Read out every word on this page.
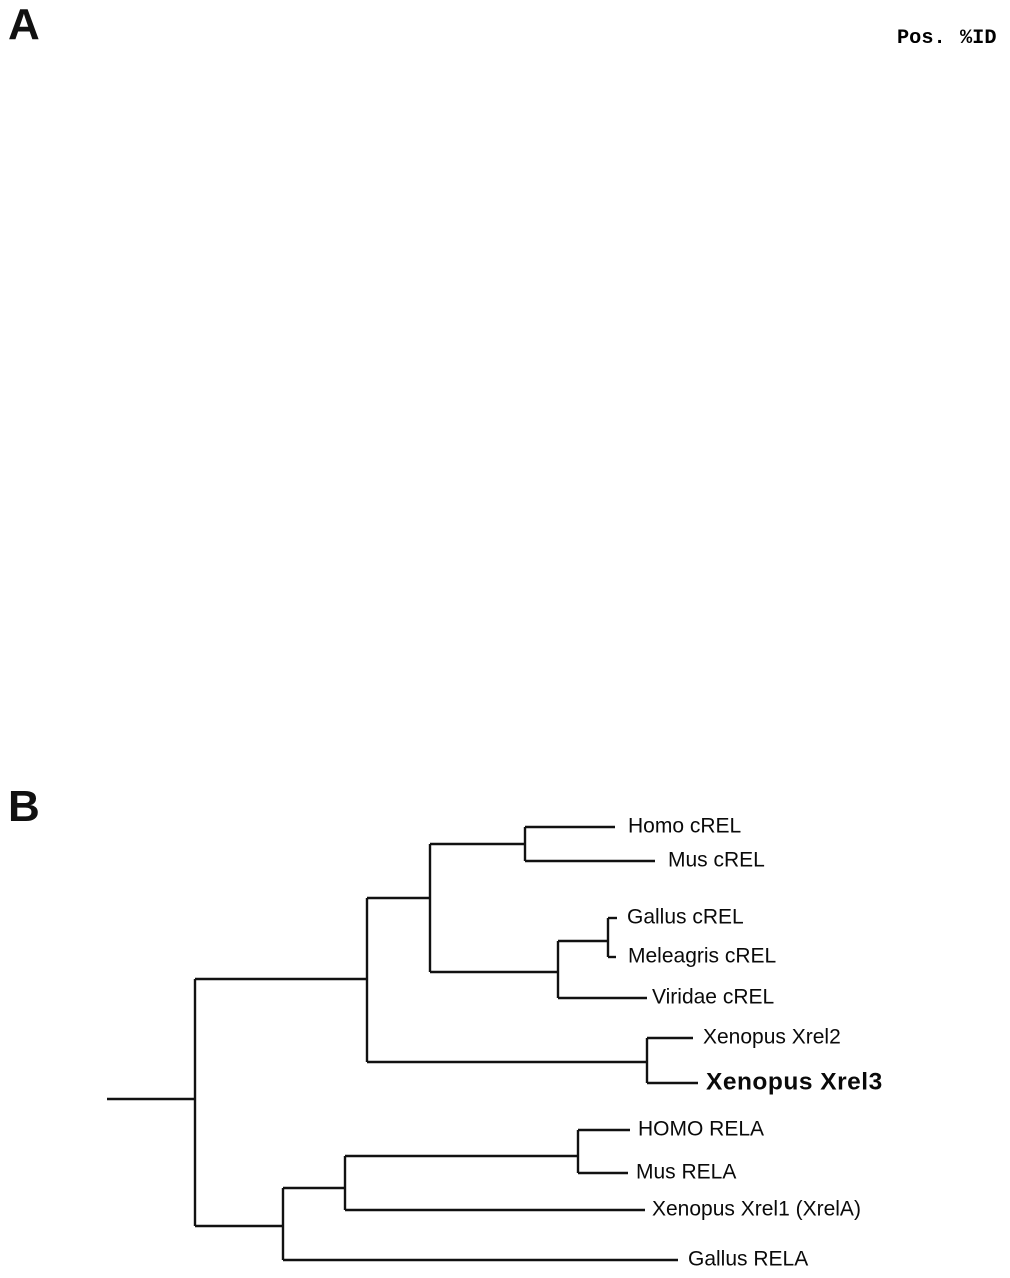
A	Pos. %ID
B	Homo cREL
Mus cREL
Gallus cREL
Meleagris cREL
Viridae cREL
Xenopus Xrel2
Xenopus Xrel3
HOMO RELA
Mus RELA
Xenopus Xrel1 (XrelA)
Gallus RELA
